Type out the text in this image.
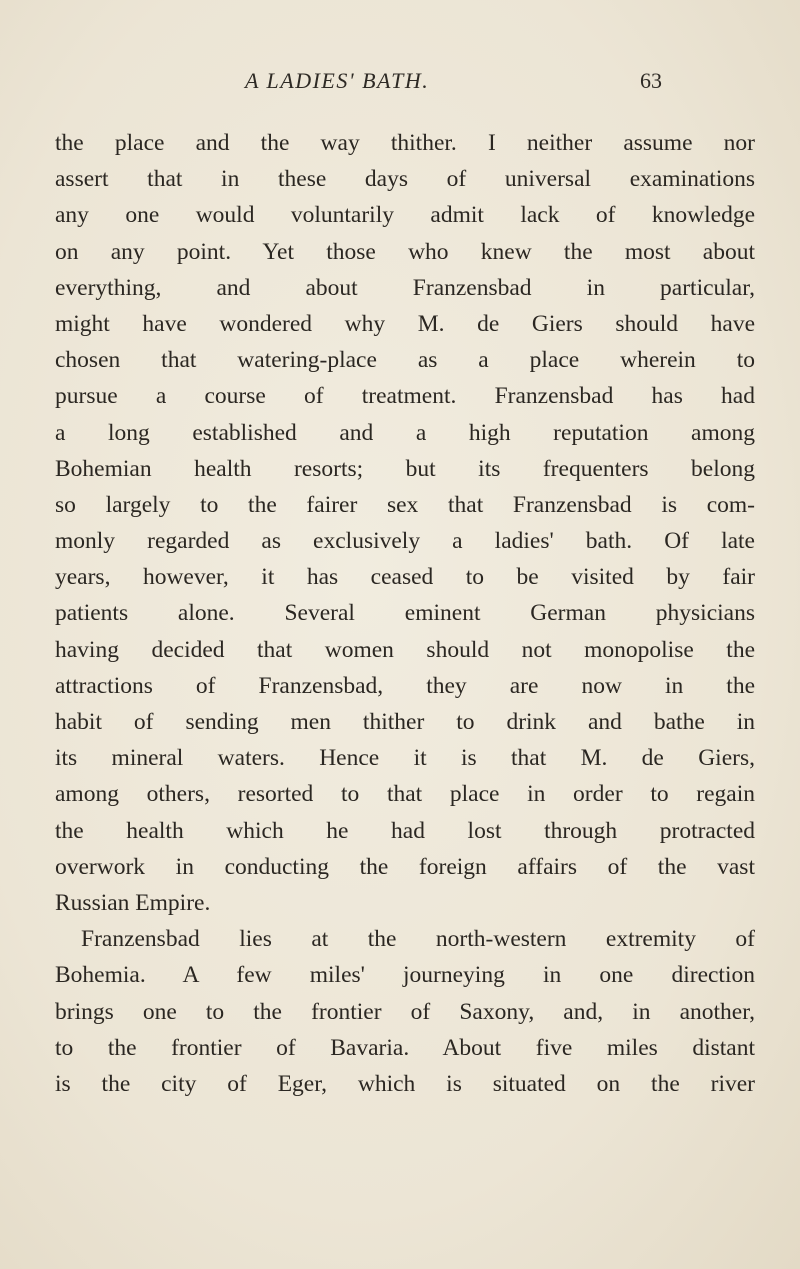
A LADIES' BATH.	63
the place and the way thither. I neither assume nor
assert that in these days of universal examinations
any one would voluntarily admit lack of knowledge
on any point. Yet those who knew the most about
everything, and about Franzensbad in particular,
might have wondered why M. de Giers should have
chosen that watering-place as a place wherein to
pursue a course of treatment. Franzensbad has had
a long established and a high reputation among
Bohemian health resorts; but its frequenters belong
so largely to the fairer sex that Franzensbad is com-
monly regarded as exclusively a ladies' bath. Of late
years, however, it has ceased to be visited by fair
patients alone. Several eminent German physicians
having decided that women should not monopolise the
attractions of Franzensbad, they are now in the
habit of sending men thither to drink and bathe in
its mineral waters. Hence it is that M. de Giers,
among others, resorted to that place in order to regain
the health which he had lost through protracted
overwork in conducting the foreign affairs of the vast
Russian Empire.
Franzensbad lies at the north-western extremity of
Bohemia. A few miles' journeying in one direction
brings one to the frontier of Saxony, and, in another,
to the frontier of Bavaria. About five miles distant
is the city of Eger, which is situated on the river
